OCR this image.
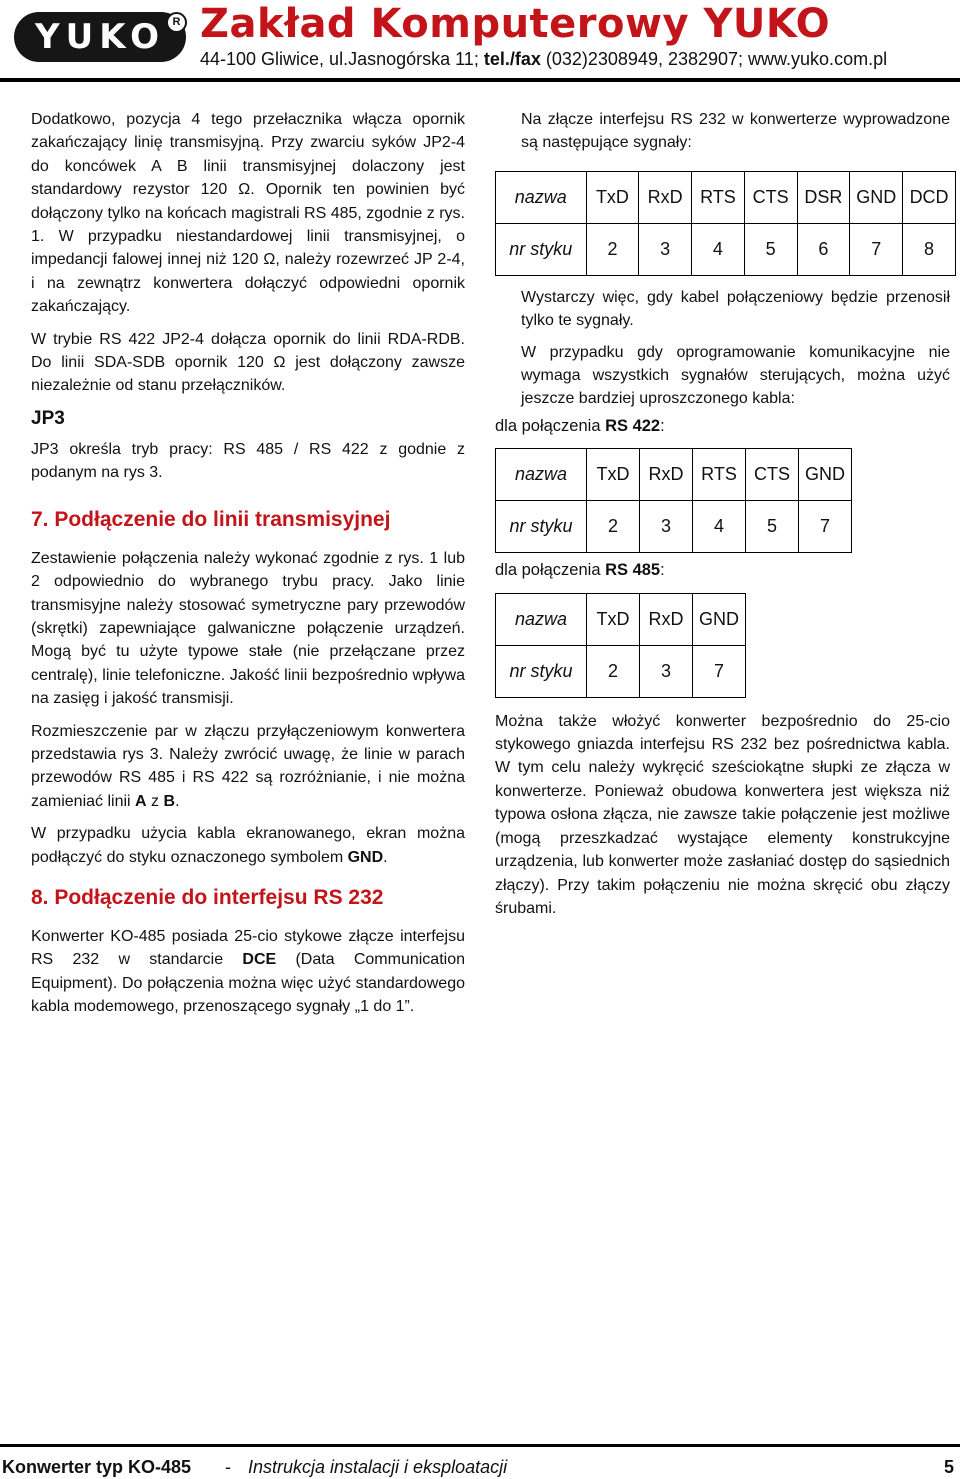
YUKO R Zakład Komputerowy YUKO
44-100 Gliwice, ul.Jasnogórska 11; tel./fax (032)2308949, 2382907; www.yuko.com.pl

Dodatkowo, pozycja 4 tego przełacznika włącza opornik zakańczający linię transmisyjną. Przy zwarciu syków JP2-4 do koncówek A B linii transmisyjnej dolaczony jest standardowy rezystor 120 Ω. Opornik ten powinien być dołączony tylko na końcach magistrali RS 485, zgodnie z rys. 1. W przypadku niestandardowej linii transmisyjnej, o impedancji falowej innej niż 120 Ω, należy rozewrzeć JP 2-4, i na zewnątrz konwertera dołączyć odpowiedni opornik zakańczający.

W trybie RS 422 JP2-4 dołącza opornik do linii RDA-RDB. Do linii SDA-SDB opornik 120 Ω jest dołączony zawsze niezależnie od stanu przełączników.

JP3

JP3 określa tryb pracy: RS 485 / RS 422 z godnie z podanym na rys 3.

7. Podłączenie do linii transmisyjnej

Zestawienie połączenia należy wykonać zgodnie z rys. 1 lub 2 odpowiednio do wybranego trybu pracy. Jako linie transmisyjne należy stosować symetryczne pary przewodów (skrętki) zapewniające galwaniczne połączenie urządzeń. Mogą być tu użyte typowe stałe (nie przełączane przez centralę), linie telefoniczne. Jakość linii bezpośrednio wpływa na zasięg i jakość transmisji.

Rozmieszczenie par w złączu przyłączeniowym konwertera przedstawia rys 3. Należy zwrócić uwagę, że linie w parach przewodów RS 485 i RS 422 są rozróżnianie, i nie można zamieniać linii A z B.

W przypadku użycia kabla ekranowanego, ekran można podłączyć do styku oznaczonego symbolem GND.

8. Podłączenie do interfejsu RS 232

Konwerter KO-485 posiada 25-cio stykowe złącze interfejsu RS 232 w standarcie DCE (Data Communication Equipment). Do połączenia można więc użyć standardowego kabla modemowego, przenoszącego sygnały „1 do 1”.

Na złącze interfejsu RS 232 w konwerterze wyprowadzone są następujące sygnały:

nazwa	TxD	RxD	RTS	CTS	DSR	GND	DCD
nr styku	2	3	4	5	6	7	8

Wystarczy więc, gdy kabel połączeniowy będzie przenosił tylko te sygnały.

W przypadku gdy oprogramowanie komunikacyjne nie wymaga wszystkich sygnałów sterujących, można użyć jeszcze bardziej uproszczonego kabla:

dla połączenia RS 422:

nazwa	TxD	RxD	RTS	CTS	GND
nr styku	2	3	4	5	7

dla połączenia RS 485:

nazwa	TxD	RxD	GND
nr styku	2	3	7

Można także włożyć konwerter bezpośrednio do 25-cio stykowego gniazda interfejsu RS 232 bez pośrednictwa kabla. W tym celu należy wykręcić sześciokątne słupki ze złącza w konwerterze. Ponieważ obudowa konwertera jest większa niż typowa osłona złącza, nie zawsze takie połączenie jest możliwe (mogą przeszkadzać wystające elementy konstrukcyjne urządzenia, lub konwerter może zasłaniać dostęp do sąsiednich złączy). Przy takim połączeniu nie można skręcić obu złączy śrubami.

Konwerter typ KO-485 - Instrukcja instalacji i eksploatacji	5
